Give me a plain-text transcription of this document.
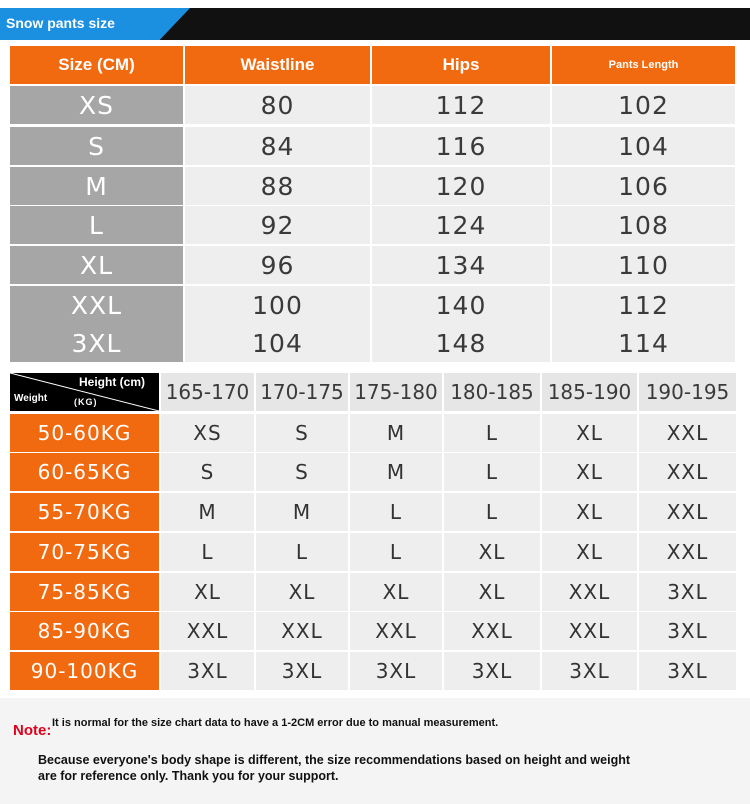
Snow pants size
Size (CM)	Waistline	Hips	Pants Length
XS	80	112	102
S	84	116	104
M	88	120	106
L	92	124	108
XL	96	134	110
XXL	100	140	112
3XL	104	148	114
Height (cm)
Weight	(KG)	165-170 170-175 175-180 180-185 185-190 190-195
50-60KG	XS	S	M	L	XL	XXL
60-65KG	S	S	M	L	XL	XXL
55-70KG	M	M	L	L	XL	XXL
70-75KG	L	L	L	XL	XL	XXL
75-85KG	XL	XL	XL	XL	XXL	3XL
85-90KG	XXL	XXL	XXL	XXL	XXL	3XL
90-100KG	3XL	3XL	3XL	3XL	3XL	3XL
Note: It is normal for the size chart data to have a 1-2CM error due to manual measurement.
Because everyone's body shape is different, the size recommendations based on height and weight are for reference only. Thank you for your support.
